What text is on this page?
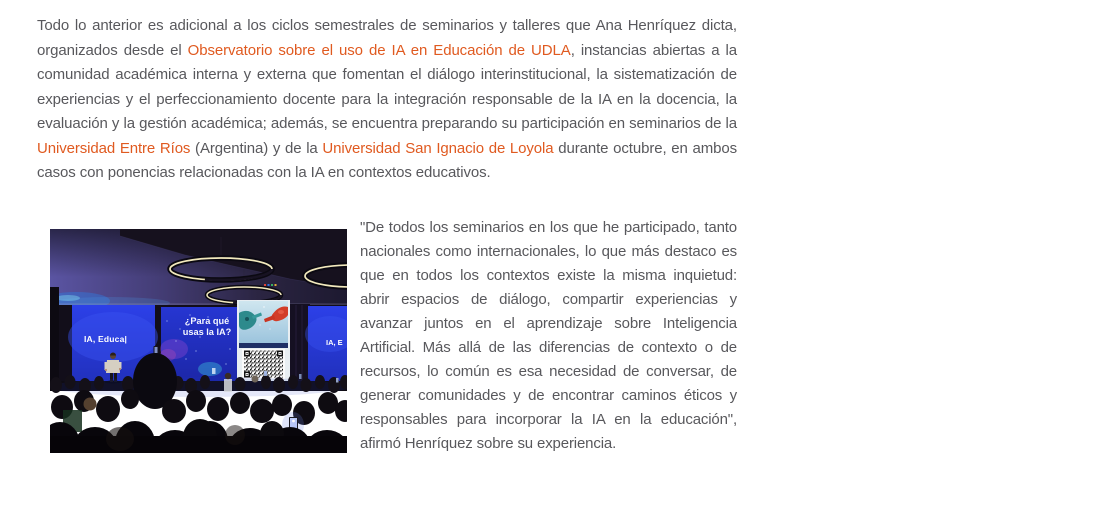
Todo lo anterior es adicional a los ciclos semestrales de seminarios y talleres que Ana Henríquez dicta, organizados desde el Observatorio sobre el uso de IA en Educación de UDLA, instancias abiertas a la comunidad académica interna y externa que fomentan el diálogo interinstitucional, la sistematización de experiencias y el perfeccionamiento docente para la integración responsable de la IA en la docencia, la evaluación y la gestión académica; además, se encuentra preparando su participación en seminarios de la Universidad Entre Ríos (Argentina) y de la Universidad San Ignacio de Loyola durante octubre, en ambos casos con ponencias relacionadas con la IA en contextos educativos.

IA, Educa|
¿Para qué
usas la IA?
IA, E

"De todos los seminarios en los que he participado, tanto nacionales como internacionales, lo que más destaco es que en todos los contextos existe la misma inquietud: abrir espacios de diálogo, compartir experiencias y avanzar juntos en el aprendizaje sobre Inteligencia Artificial. Más allá de las diferencias de contexto o de recursos, lo común es esa necesidad de conversar, de generar comunidades y de encontrar caminos éticos y responsables para incorporar la IA en la educación", afirmó Henríquez sobre su experiencia.
